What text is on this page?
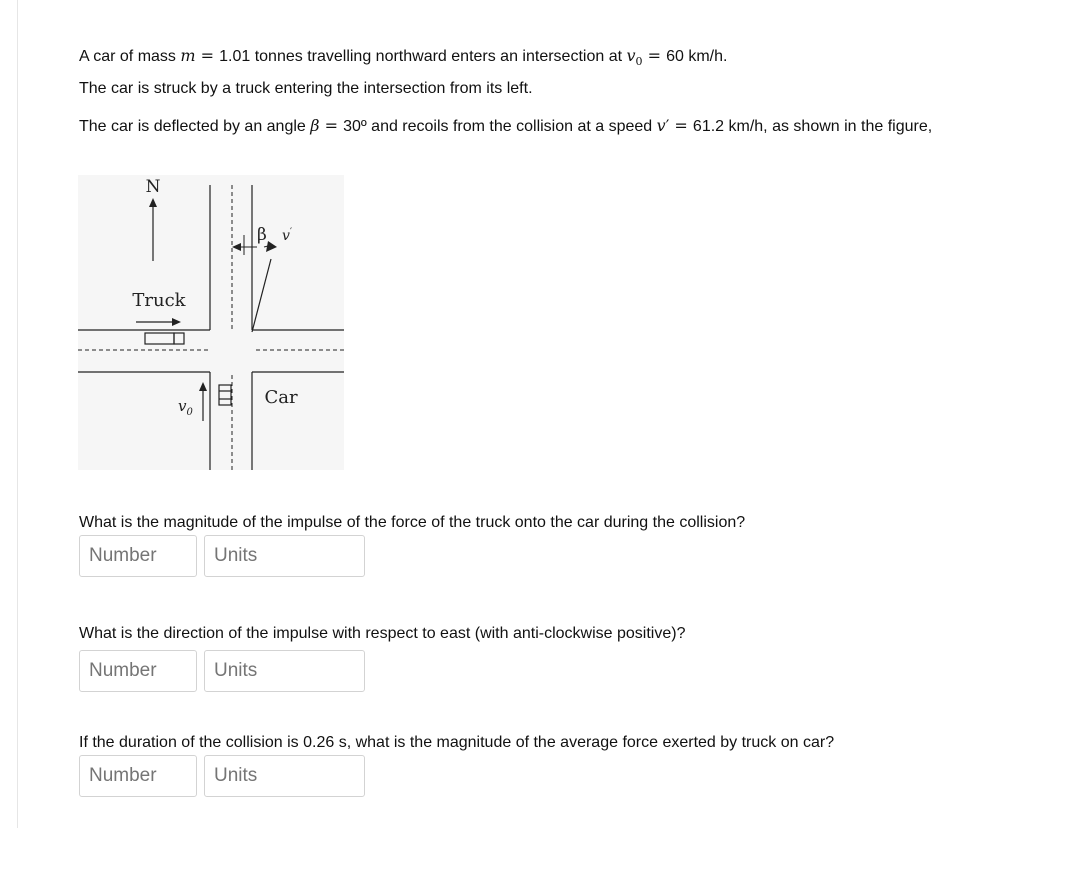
A car of mass m = 1.01 tonnes travelling northward enters an intersection at $v_0 = 60$ km/h.
The car is struck by a truck entering the intersection from its left.
The car is deflected by an angle β = 30º and recoils from the collision at a speed v′ = 61.2 km/h, as shown in the figure,
N
Truck
Car
$v_0$
β v′
What is the magnitude of the impulse of the force of the truck onto the car during the collision?
Number
Units
What is the direction of the impulse with respect to east (with anti-clockwise positive)?
Number
Units
If the duration of the collision is 0.26 s, what is the magnitude of the average force exerted by truck on car?
Number
Units
